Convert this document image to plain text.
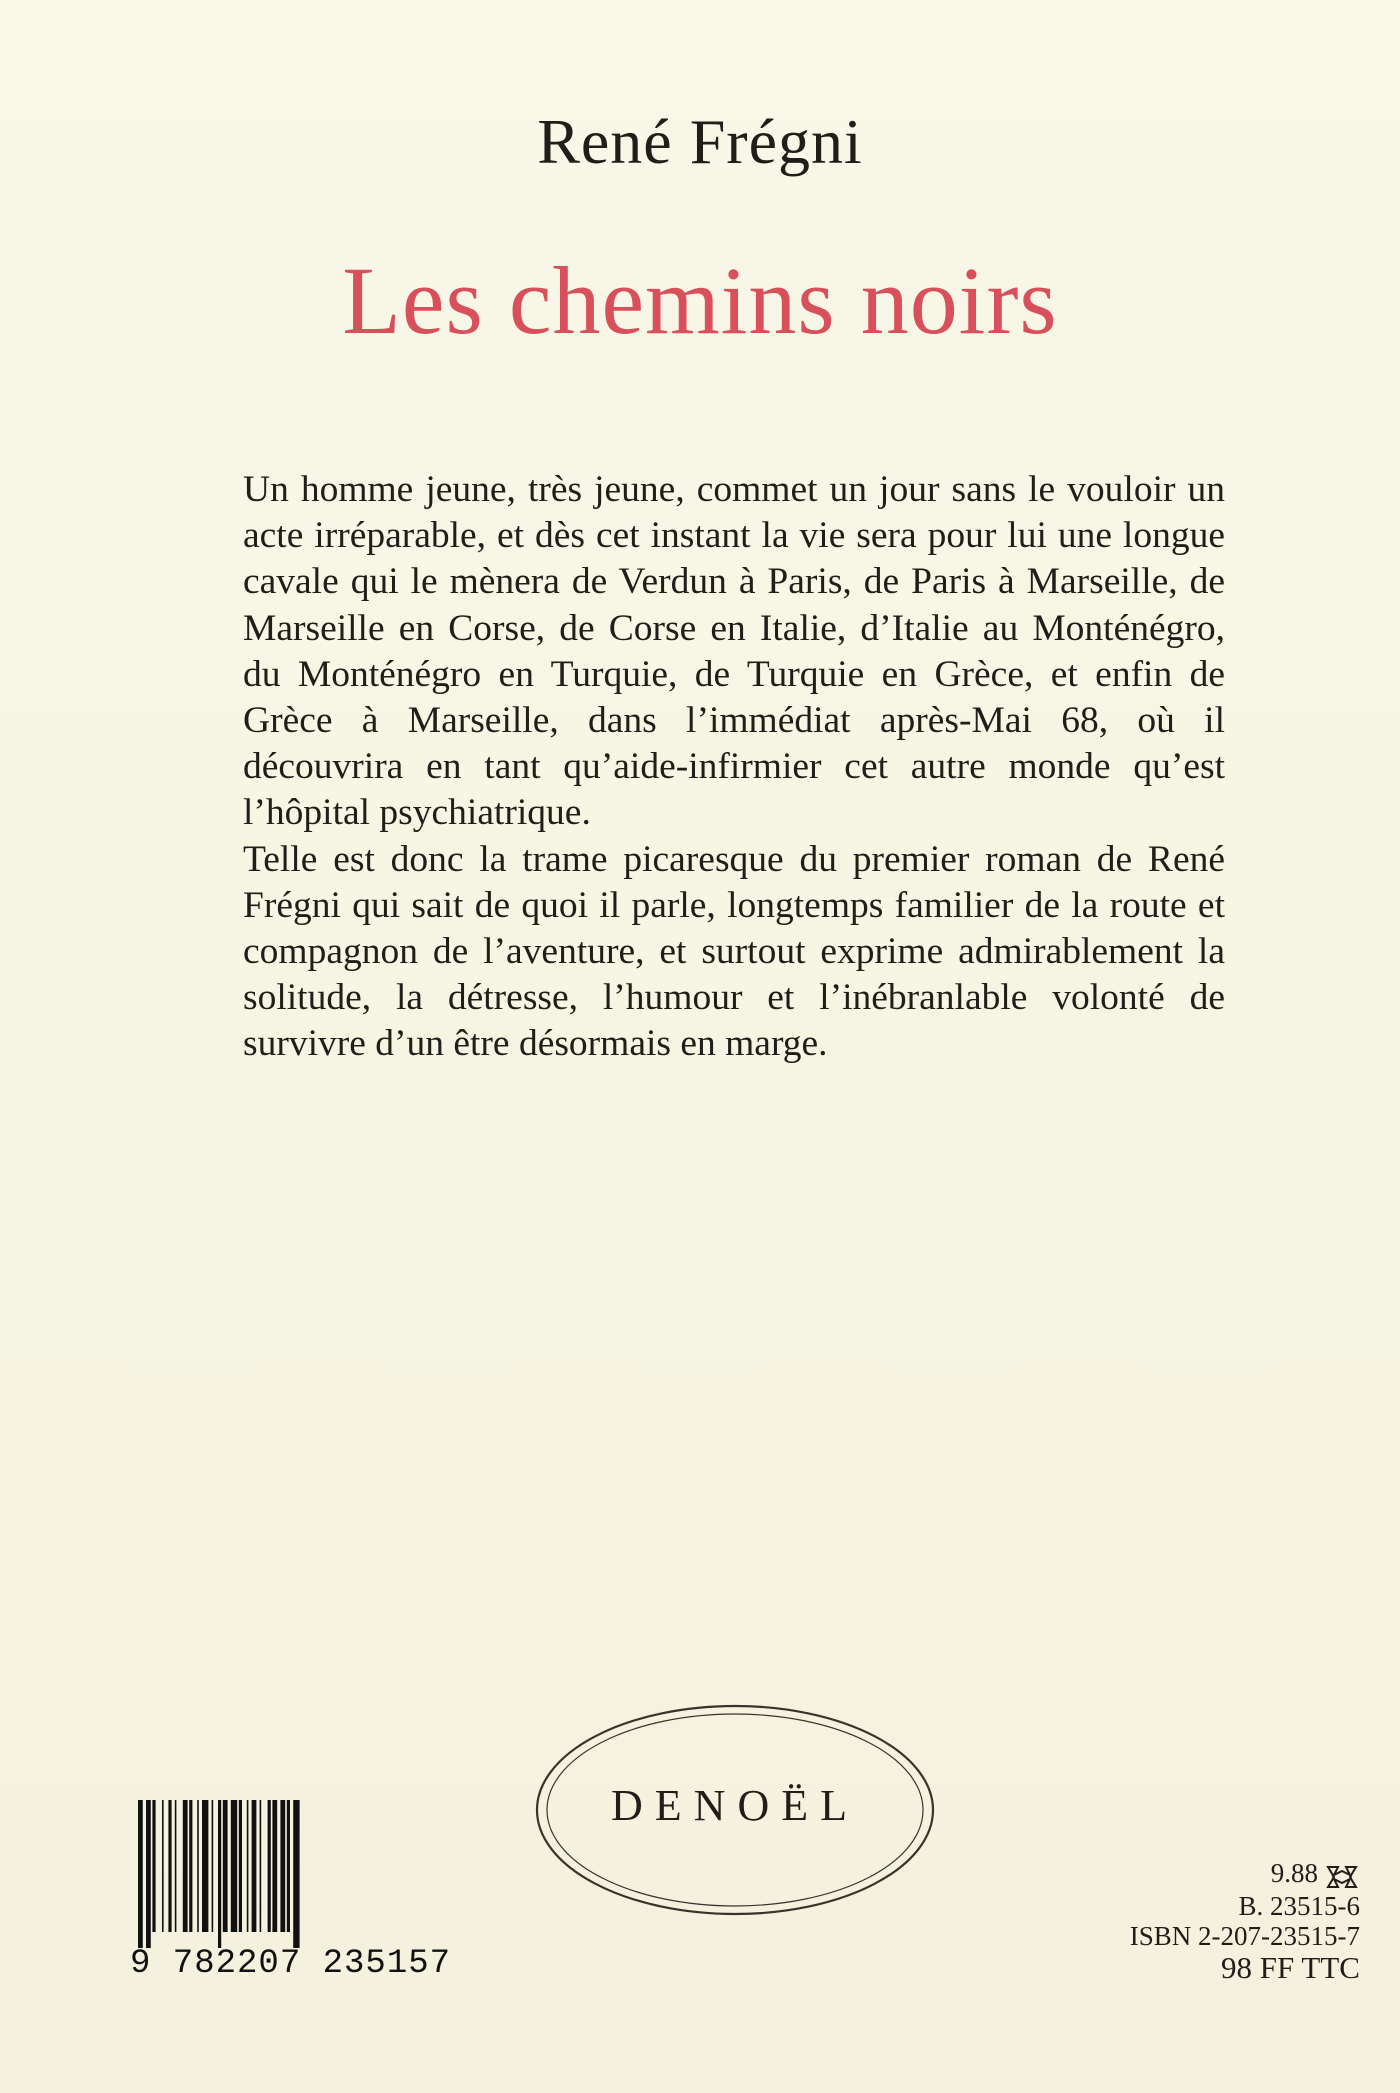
René Frégni
Les chemins noirs

Un homme jeune, très jeune, commet un jour sans le vouloir un acte irréparable, et dès cet instant la vie sera pour lui une longue cavale qui le mènera de Verdun à Paris, de Paris à Marseille, de Marseille en Corse, de Corse en Italie, d’Italie au Monténégro, du Monténégro en Turquie, de Turquie en Grèce, et enfin de Grèce à Marseille, dans l’immédiat après-Mai 68, où il découvrira en tant qu’aide-infirmier cet autre monde qu’est l’hôpital psychiatrique.

Telle est donc la trame picaresque du premier roman de René Frégni qui sait de quoi il parle, longtemps familier de la route et compagnon de l’aventure, et surtout exprime admirablement la solitude, la détresse, l’humour et l’inébranlable volonté de survivre d’un être désormais en marge.

DENOËL
9 782207 235157
9.88
B. 23515-6
ISBN 2-207-23515-7
98 FF TTC
